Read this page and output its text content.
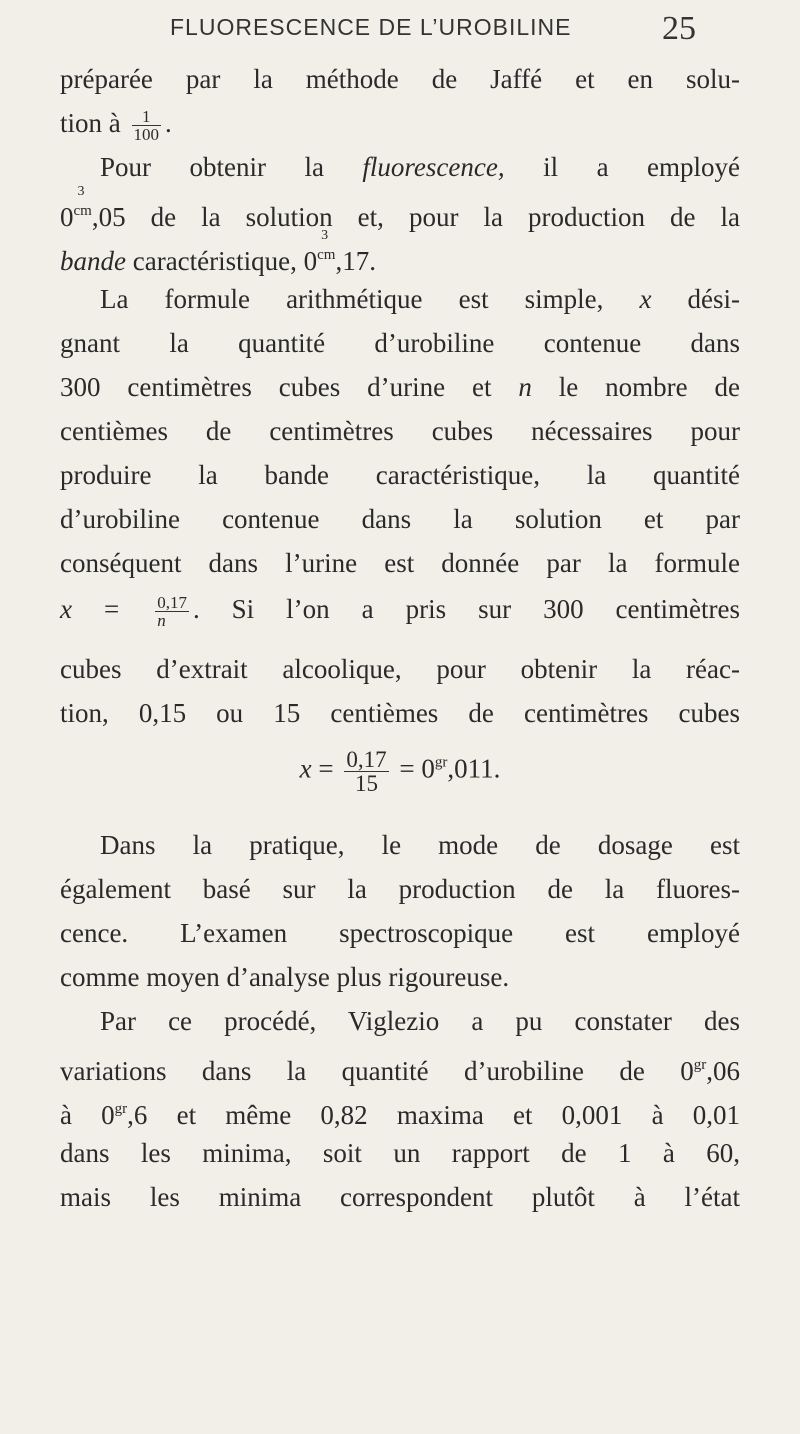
FLUORESCENCE DE L’UROBILINE	25
préparée par la méthode de Jaffé et en solu-
tion à $\frac{1}{100}$ .
Pour obtenir la fluorescence, il a employé
$0^{cm}$
3
,05 de la solution et, pour la production de la
bande caractéristique, $0^{cm}$
3
,17.
La formule arithmétique est simple, x dési-
gnant la quantité d’urobiline contenue dans
300 centimètres cubes d’urine et n le nombre de
centièmes de centimètres cubes nécessaires pour
produire la bande caractéristique, la quantité
d’urobiline contenue dans la solution et par
conséquent dans l’urine est donnée par la formule
$x = \frac{0,17}{n}$ . Si l’on a pris sur 300 centimètres
cubes d’extrait alcoolique, pour obtenir la réac-
tion, 0,15 ou 15 centièmes de centimètres cubes
$x = \frac{0,17}{15} = 0^{gr},011$.
Dans la pratique, le mode de dosage est
également basé sur la production de la fluores-
cence. L’examen spectroscopique est employé
comme moyen d’analyse plus rigoureuse.
Par ce procédé, Viglezio a pu constater des
variations dans la quantité d’urobiline de $0^{gr},06$
à $0^{gr},6$ et même 0,82 maxima et 0,001 à 0,01
dans les minima, soit un rapport de 1 à 60,
mais les minima correspondent plutôt à l’état
